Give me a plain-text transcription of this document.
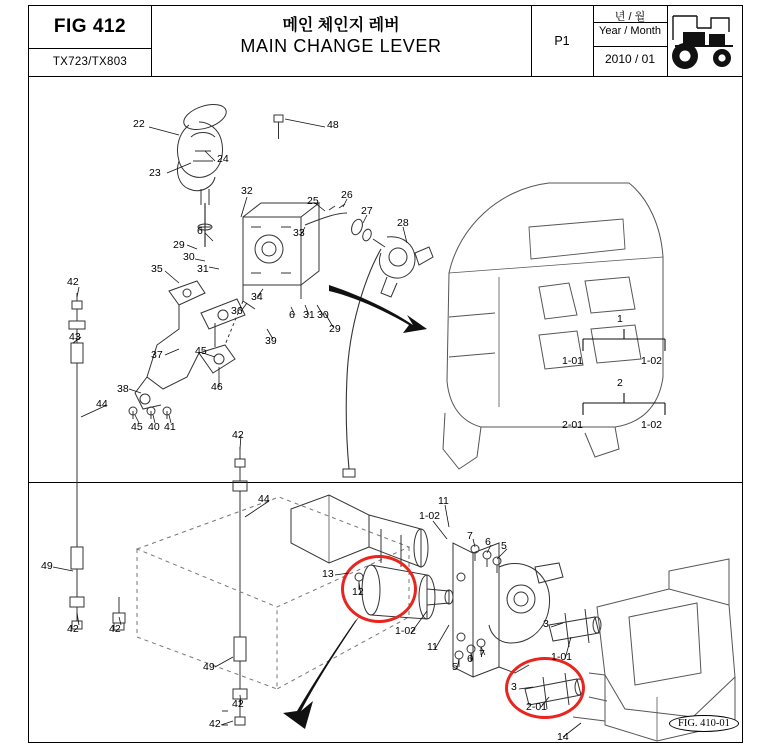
FIG 412
TX723/TX803
메인 체인지 레버
MAIN CHANGE LEVER	P1
년 / 월
Year / Month
2010 / 01
1
1-01	1-02
2
2-01	1-02
FIG. 410-01
22	48
24
23
32
25 26
27
28
29
6
30
31
33
35
34
36	31 30
29
6
39
37	45
38	46
45 40 41
42
43
44
42
49
42	42
44
49
42
42
11
1-02
7 6 5
13
12
1-02
11
5
6 7
3
1-01
3
2-01
14
